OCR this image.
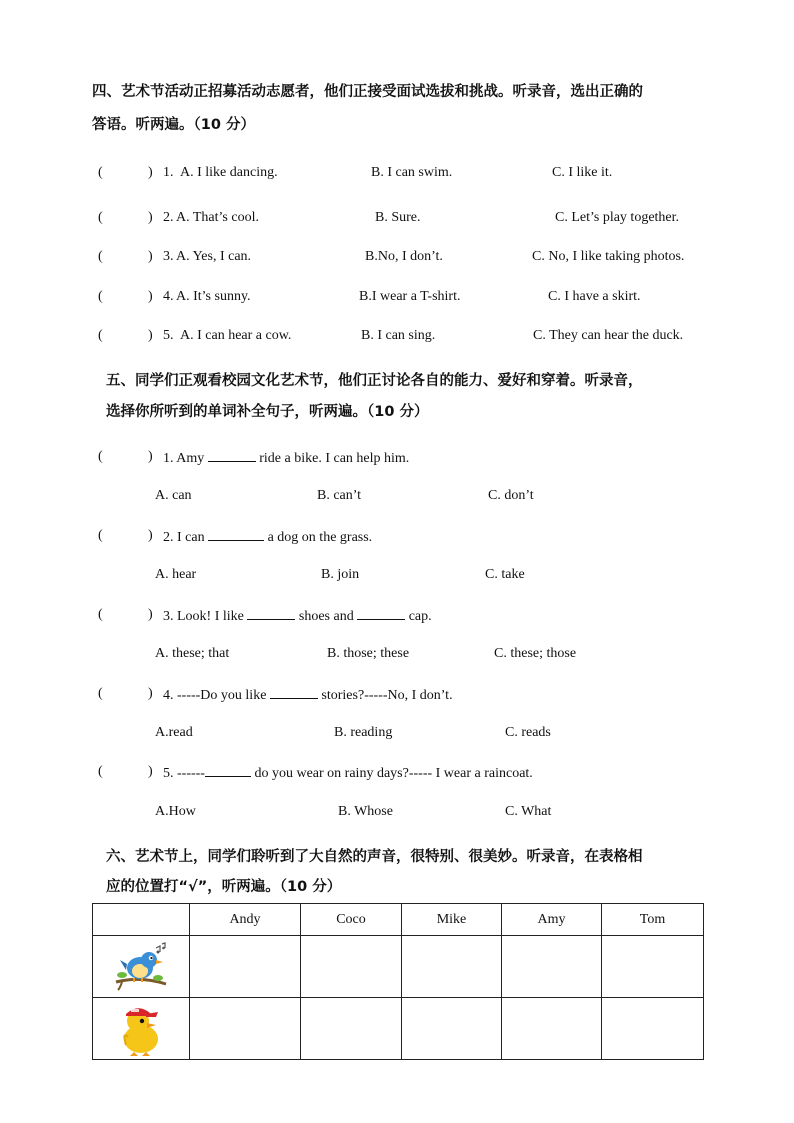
四、艺术节活动正招募活动志愿者，他们正接受面试选拔和挑战。听录音，选出正确的
答语。听两遍。（10 分）
(	) 1. A. I like dancing.	B. I can swim.	C. I like it.
(	) 2. A. That’s cool.	B. Sure.	C. Let’s play together.
(	) 3. A. Yes, I can.	B.No, I don’t.	C. No, I like taking photos.
(	) 4. A. It’s sunny.	B.I wear a T-shirt.	C. I have a skirt.
(	) 5. A. I can hear a cow.	B. I can sing.	C. They can hear the duck.
五、同学们正观看校园文化艺术节，他们正讨论各自的能力、爱好和穿着。听录音，
选择你所听到的单词补全句子，听两遍。（10 分）
(	) 1. Amy	ride a bike. I can help him.
A. can	B. can’t	C. don’t
(	) 2. I can	a dog on the grass.
A. hear	B. join	C. take
(	) 3. Look! I like	shoes and	cap.
A. these; that	B. those; these	C. these; those
(	) 4. -----Do you like	stories?-----No, I don’t.
A.read	B. reading	C. reads
(	) 5. ------	do you wear on rainy days?----- I wear a raincoat.
A.How	B. Whose	C. What
六、艺术节上，同学们聆听到了大自然的声音，很特别、很美妙。听录音，在表格相
应的位置打“√”，听两遍。（10 分）
	Andy	Coco	Mike	Amy	Tom
